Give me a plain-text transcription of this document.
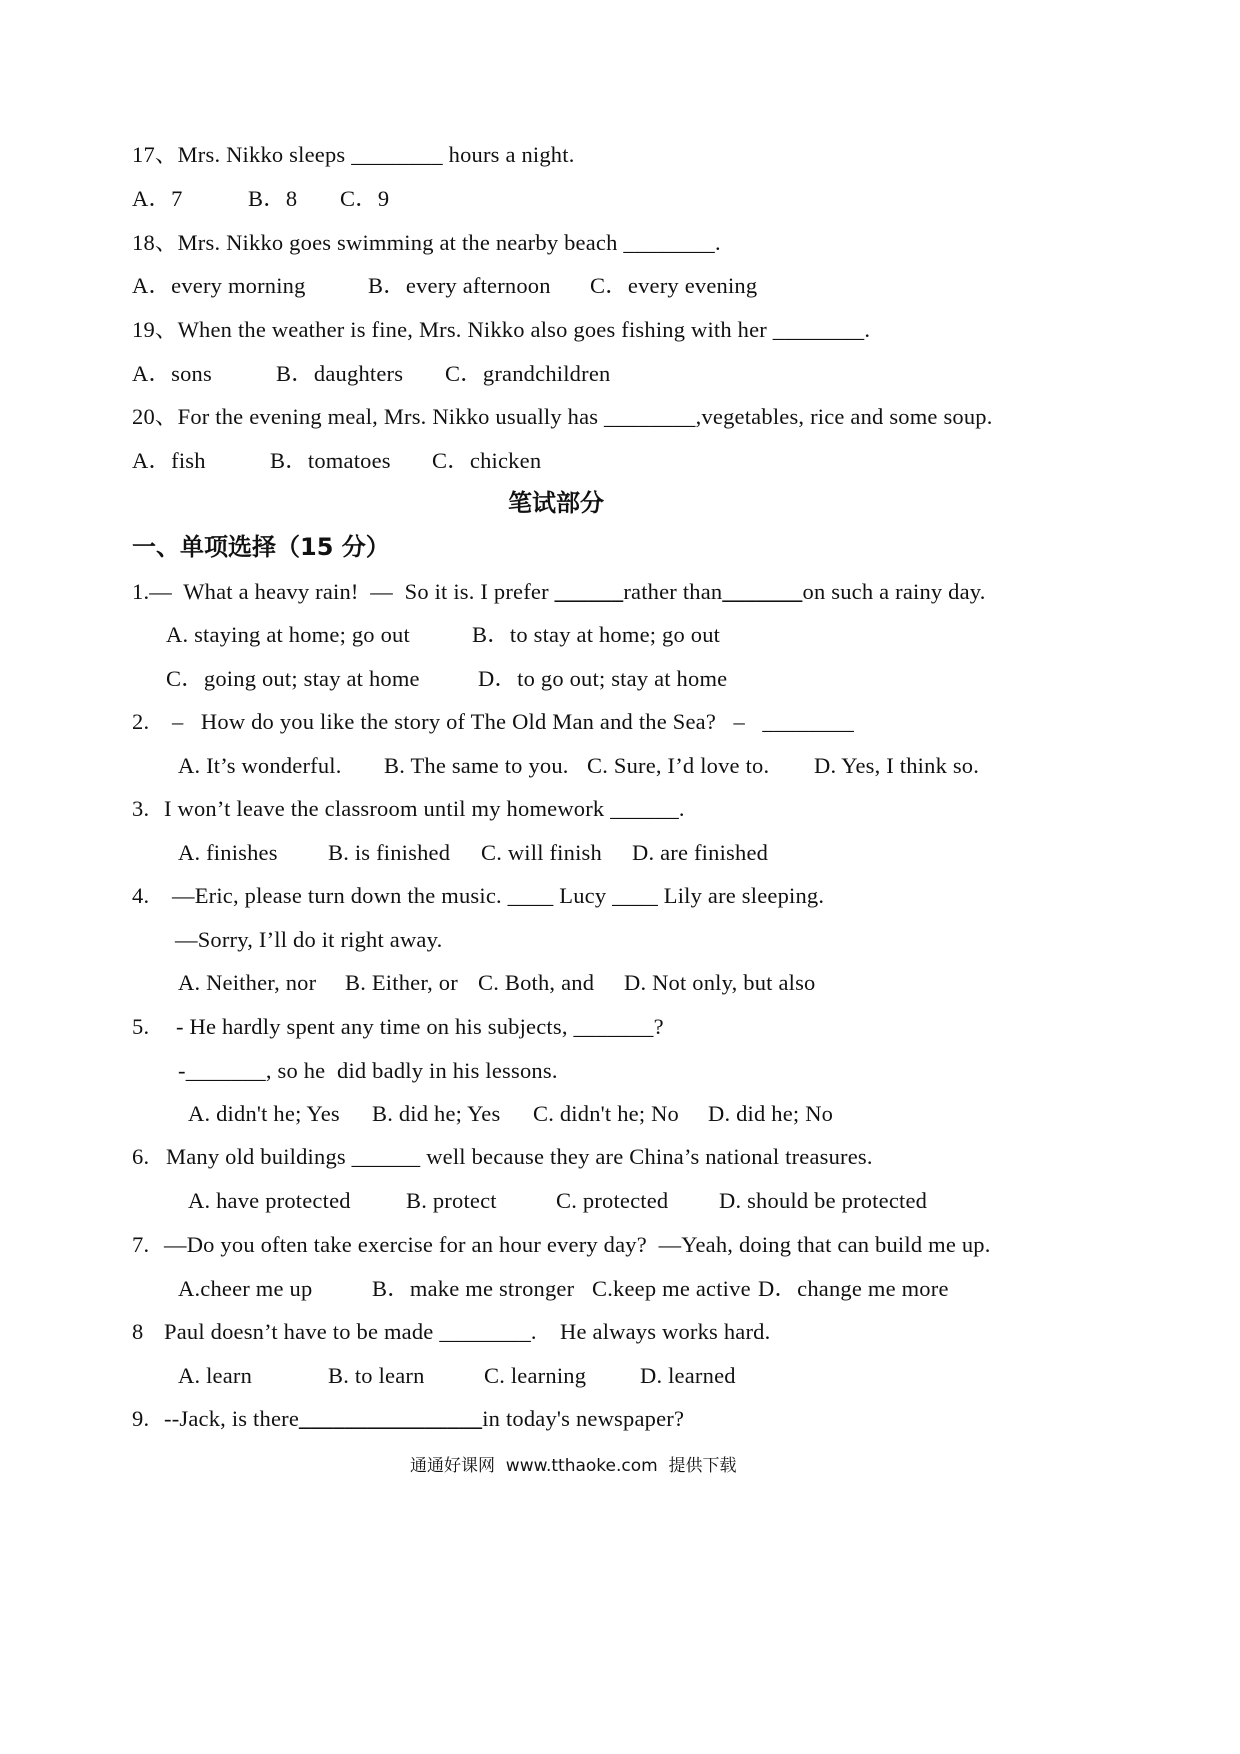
17、Mrs. Nikko sleeps ________ hours a night.
A．7	B．8 C．9
18、Mrs. Nikko goes swimming at the nearby beach ________.
A．every morning	B．every afternoon C．every evening
19、When the weather is fine, Mrs. Nikko also goes fishing with her ________.
A．sons	B．daughters C．grandchildren
20、For the evening meal, Mrs. Nikko usually has ________,vegetables, rice and some soup.
A．fish	B．tomatoes C．chicken
笔试部分
一、单项选择（15 分）
1.—  What a heavy rain!  —  So it is. I prefer ______rather than_______on such a rainy day.
A. staying at home; go out	B．to stay at home; go out
C．going out; stay at home	D．to go out; stay at home
2. –   How do you like the story of The Old Man and the Sea?   –   ________
A. It’s wonderful. B. The same to you. C. Sure, I’d love to. D. Yes, I think so.
3. I won’t leave the classroom until my homework ______.
A. finishes B. is finished C. will finish D. are finished
4. —Eric, please turn down the music. ____ Lucy ____ Lily are sleeping.
—Sorry, I’ll do it right away.
A. Neither, nor B. Either, or C. Both, and D. Not only, but also
5. - He hardly spent any time on his subjects, _______?
-_______, so he  did badly in his lessons.
A. didn't he; Yes B. did he; Yes C. didn't he; No D. did he; No
6. Many old buildings ______ well because they are China’s national treasures.
A. have protected B. protect	C. protected D. should be protected
7. —Do you often take exercise for an hour every day?  —Yeah, doing that can build me up.
A.cheer me up	B．make me stronger C.keep me active D．change me more
8 Paul doesn’t have to be made ________.    He always works hard.
A. learn	B. to learn	C. learning D. learned
9. --Jack, is there________________in today's newspaper?
通通好课网  www.tthaoke.com  提供下载
